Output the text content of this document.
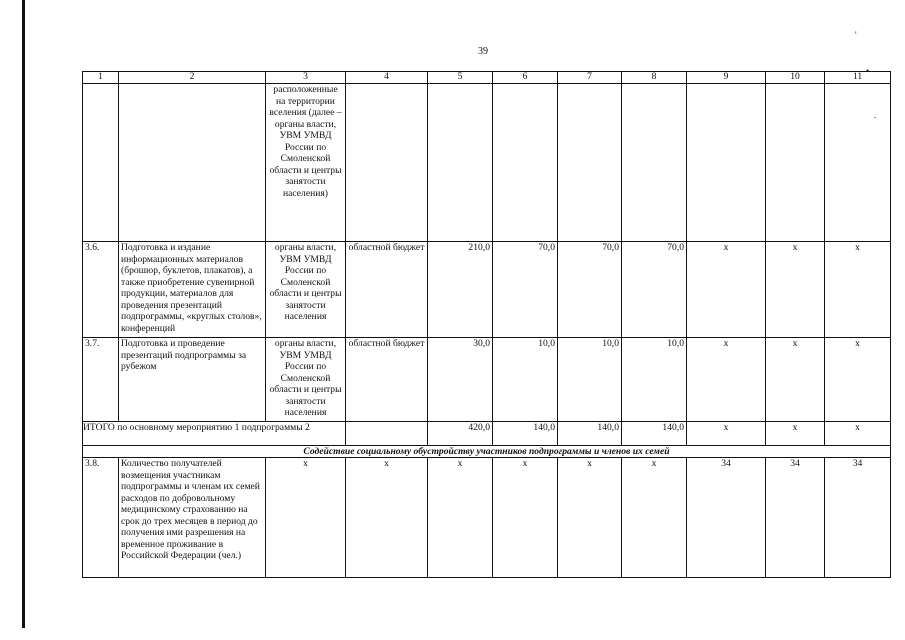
39
'
•
.
1	2	3	4	5	6	7	8	9	10	11
		расположенные на территории вселения (далее – органы власти, УВМ УМВД России по Смоленской области и центры занятости населения)								
3.6.	Подготовка и издание информационных материалов (брошюр, буклетов, плакатов), а также приобретение сувенирной продукции, материалов для проведения презентаций подпрограммы, «круглых столов», конференций	органы власти, УВМ УМВД России по Смоленской области и центры занятости населения	областной бюджет	210,0	70,0	70,0	70,0	х	х	х
3.7.	Подготовка и проведение презентаций подпрограммы за рубежом	органы власти, УВМ УМВД России по Смоленской области и центры занятости населения	областной бюджет	30,0	10,0	10,0	10,0	х	х	х
ИТОГО по основному мероприятию 1 подпрограммы 2				420,0	140,0	140,0	140,0	х	х	х
Содействие социальному обустройству участников подпрограммы и членов их семей										
3.8.	Количество получателей возмещения участникам подпрограммы и членам их семей расходов по добровольному медицинскому страхованию на срок до трех месяцев в период до получения ими разрешения на временное проживание в Российской Федерации (чел.)	х	х	х	х	х	х	34	34	34
